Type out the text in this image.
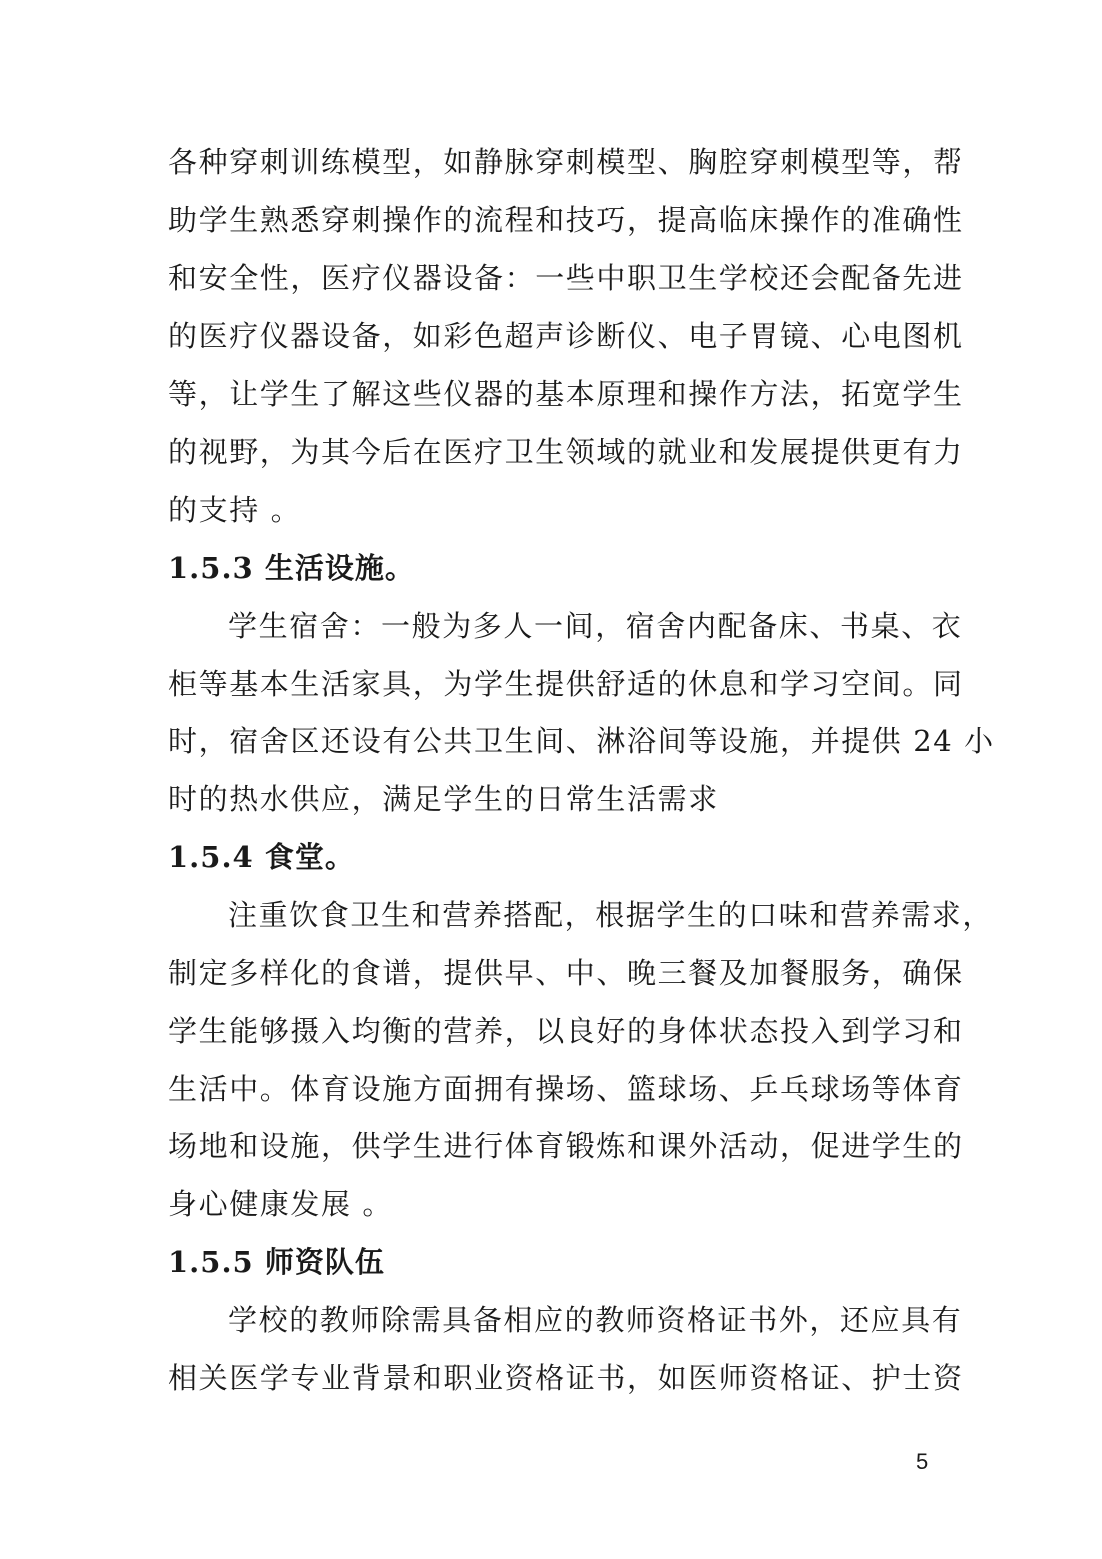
各种穿刺训练模型，如静脉穿刺模型、胸腔穿刺模型等，帮
助学生熟悉穿刺操作的流程和技巧，提高临床操作的准确性
和安全性，医疗仪器设备：一些中职卫生学校还会配备先进
的医疗仪器设备，如彩色超声诊断仪、电子胃镜、心电图机
等，让学生了解这些仪器的基本原理和操作方法，拓宽学生
的视野，为其今后在医疗卫生领域的就业和发展提供更有力
的支持 。
1.5.3 生活设施。
学生宿舍：一般为多人一间，宿舍内配备床、书桌、衣
柜等基本生活家具，为学生提供舒适的休息和学习空间。同
时，宿舍区还设有公共卫生间、淋浴间等设施，并提供 24 小
时的热水供应，满足学生的日常生活需求
1.5.4 食堂。
注重饮食卫生和营养搭配，根据学生的口味和营养需求，
制定多样化的食谱，提供早、中、晚三餐及加餐服务，确保
学生能够摄入均衡的营养，以良好的身体状态投入到学习和
生活中。体育设施方面拥有操场、篮球场、乒乓球场等体育
场地和设施，供学生进行体育锻炼和课外活动，促进学生的
身心健康发展 。
1.5.5 师资队伍
学校的教师除需具备相应的教师资格证书外，还应具有
相关医学专业背景和职业资格证书，如医师资格证、护士资
5
